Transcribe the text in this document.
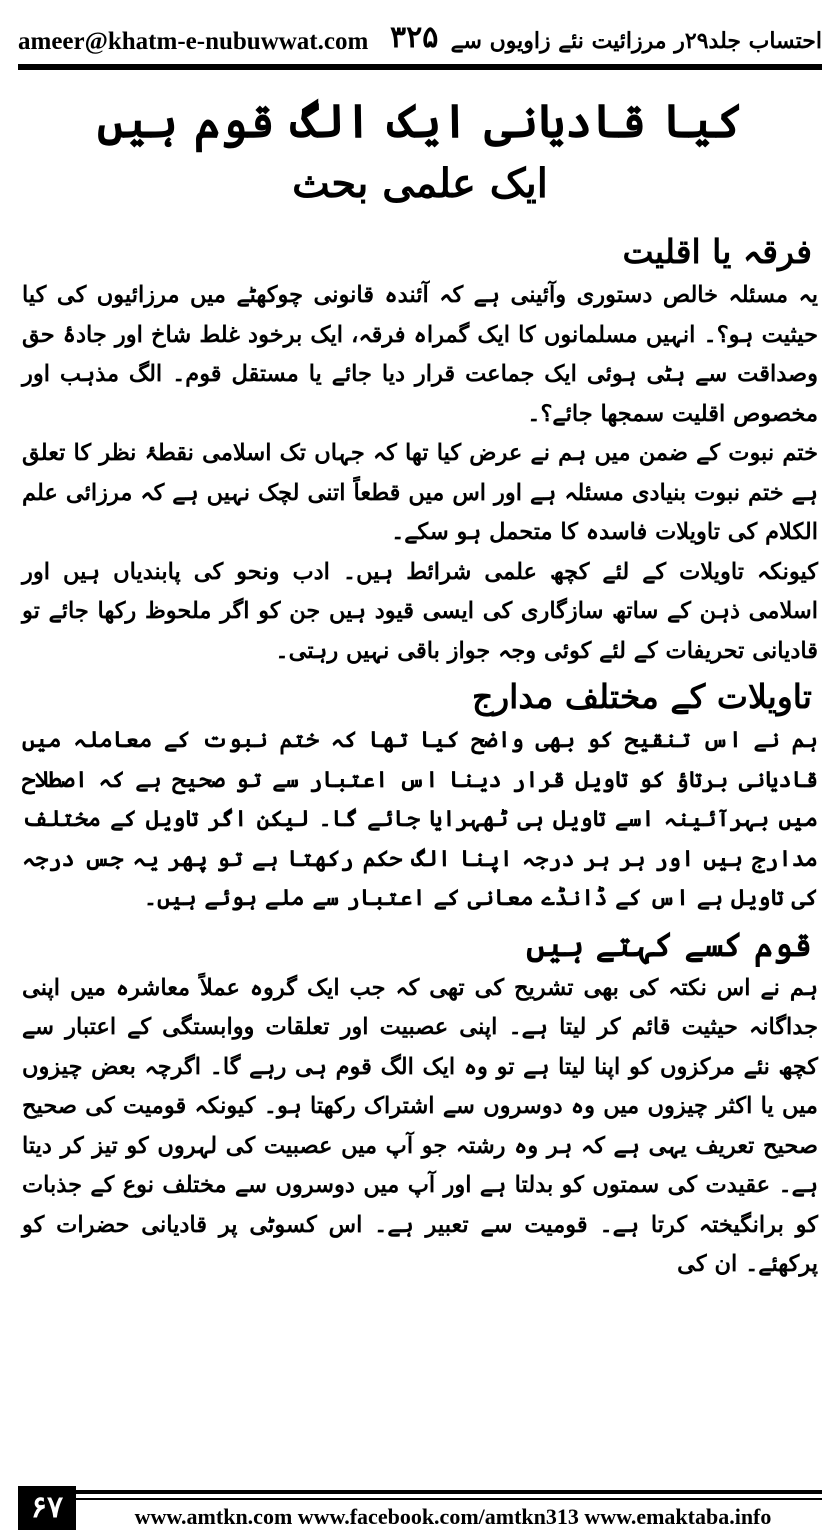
ameer@khatm-e-nubuwwat.com ۳۲۵ احتساب جلد۲۹ر مرزائیت نئے زاویوں سے
کیا قادیانی ایک الگ قوم ہیں
ایک علمی بحث
فرقہ یا اقلیت

یہ مسئلہ خالص دستوری وآئینی ہے کہ آئندہ قانونی چوکھٹے میں مرزائیوں کی کیا حیثیت ہو؟۔ انہیں مسلمانوں کا ایک گمراہ فرقہ، ایک برخود غلط شاخ اور جادۂ حق وصداقت سے ہٹی ہوئی ایک جماعت قرار دیا جائے یا مستقل قوم۔ الگ مذہب اور مخصوص اقلیت سمجھا جائے؟۔

ختم نبوت کے ضمن میں ہم نے عرض کیا تھا کہ جہاں تک اسلامی نقطۂ نظر کا تعلق ہے ختم نبوت بنیادی مسئلہ ہے اور اس میں قطعاً اتنی لچک نہیں ہے کہ مرزائی علم الکلام کی تاویلات فاسدہ کا متحمل ہو سکے۔

کیونکہ تاویلات کے لئے کچھ علمی شرائط ہیں۔ ادب ونحو کی پابندیاں ہیں اور اسلامی ذہن کے ساتھ سازگاری کی ایسی قیود ہیں جن کو اگر ملحوظ رکھا جائے تو قادیانی تحریفات کے لئے کوئی وجہ جواز باقی نہیں رہتی۔

تاویلات کے مختلف مدارج

ہم نے اس تنقیح کو بھی واضح کیا تھا کہ ختم نبوت کے معاملہ میں قادیانی برتاؤ کو تاویل قرار دینا اس اعتبار سے تو صحیح ہے کہ اصطلاح میں بہرآئینہ اسے تاویل ہی ٹھہرایا جائے گا۔ لیکن اگر تاویل کے مختلف مدارج ہیں اور ہر ہر درجہ اپنا الگ حکم رکھتا ہے تو پھر یہ جس درجہ کی تاویل ہے اس کے ڈانڈے معانی کے اعتبار سے ملے ہوئے ہیں۔

قوم کسے کہتے ہیں

ہم نے اس نکتہ کی بھی تشریح کی تھی کہ جب ایک گروہ عملاً معاشرہ میں اپنی جداگانہ حیثیت قائم کر لیتا ہے۔ اپنی عصبیت اور تعلقات ووابستگی کے اعتبار سے کچھ نئے مرکزوں کو اپنا لیتا ہے تو وہ ایک الگ قوم ہی رہے گا۔ اگرچہ بعض چیزوں میں یا اکثر چیزوں میں وہ دوسروں سے اشتراک رکھتا ہو۔ کیونکہ قومیت کی صحیح صحیح تعریف یہی ہے کہ ہر وہ رشتہ جو آپ میں عصبیت کی لہروں کو تیز کر دیتا ہے۔ عقیدت کی سمتوں کو بدلتا ہے اور آپ میں دوسروں سے مختلف نوع کے جذبات کو برانگیختہ کرتا ہے۔ قومیت سے تعبیر ہے۔ اس کسوٹی پر قادیانی حضرات کو پرکھئے۔ ان کی

۶۷	www.amtkn.com www.facebook.com/amtkn313 www.emaktaba.info
